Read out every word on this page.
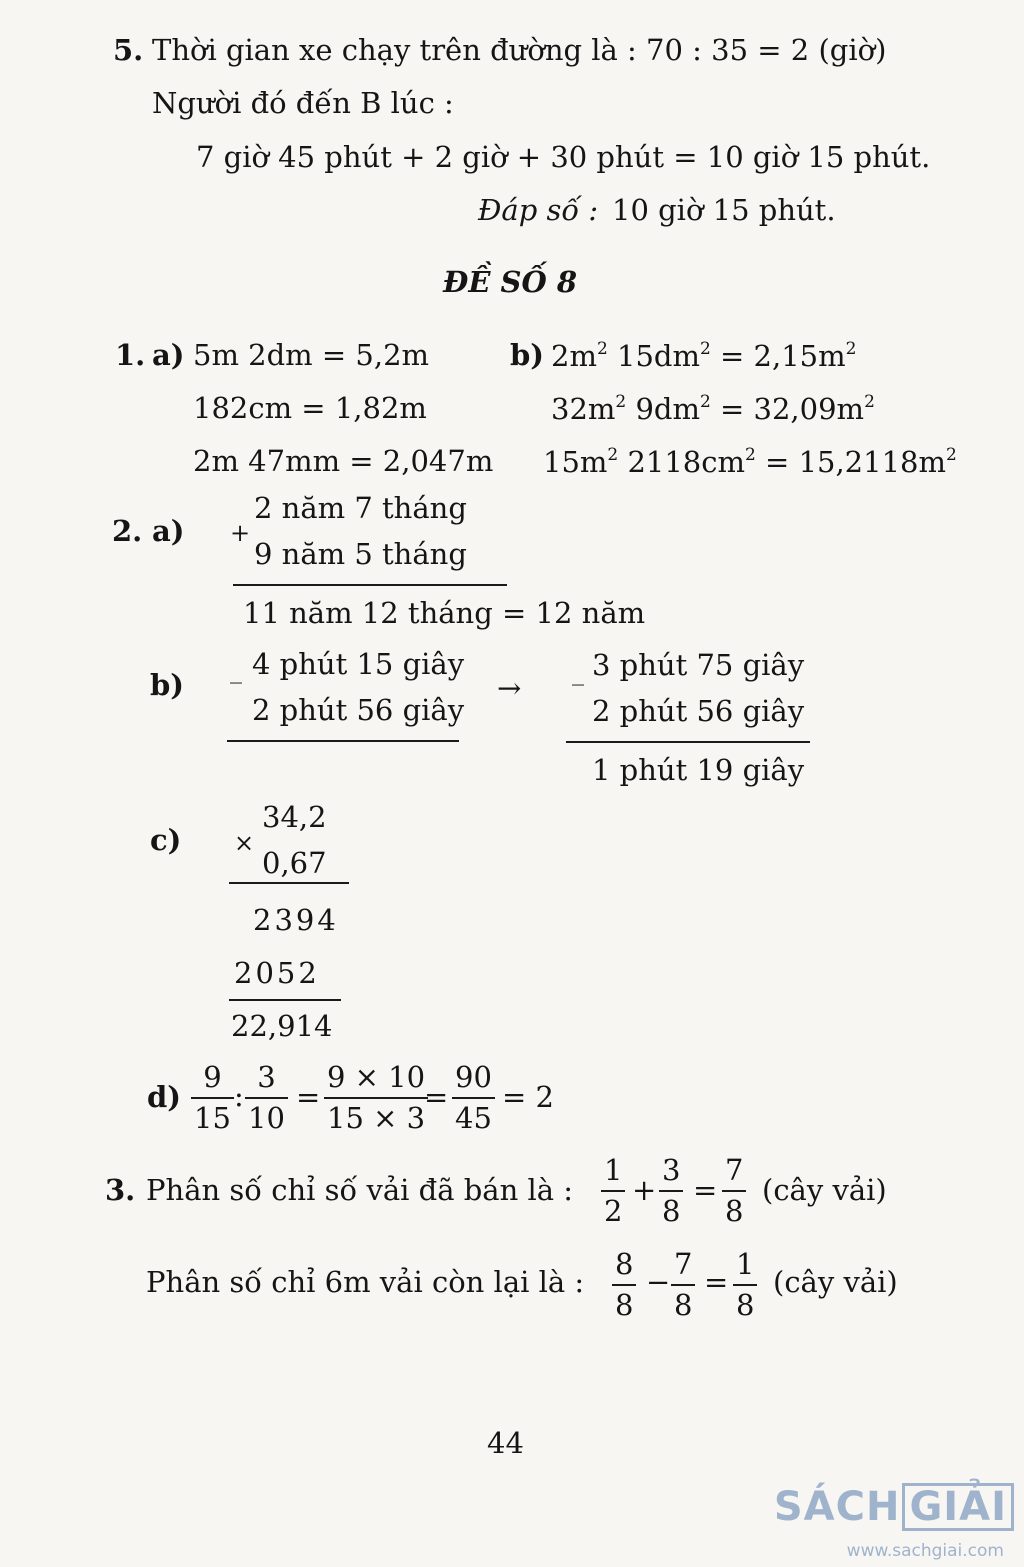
5. Thời gian xe chạy trên đường là : 70 : 35 = 2 (giờ)
Người đó đến B lúc :
7 giờ 45 phút + 2 giờ + 30 phút = 10 giờ 15 phút.
Đáp số : 10 giờ 15 phút.
ĐỀ SỐ 8
1. a) 5m 2dm = 5,2m
182cm = 1,82m
2m 47mm = 2,047m
b) $2m^2$ $15dm^2 = 2,15m^2$
$32m^2$ $9dm^2 = 32,09m^2$
$15m^2$ $2118cm^2 = 15,2118m^2$
2. a) +
2 năm 7 tháng
9 năm 5 tháng
11 năm 12 tháng = 12 năm
b) _ 4 phút 15 giây
2 phút 56 giây
→ _ 3 phút 75 giây
2 phút 56 giây
1 phút 19 giây
c) ×
34,2
0,67
2394
2052
22,914
d)
9
15
:
3
10
=
9 × 10
15 × 3
=
90
45
= 2
3. Phân số chỉ số vải đã bán là :
1
2
+
3
8
=
7
8
(cây vải)
Phân số chỉ 6m vải còn lại là :
8
8
−
7
8
=
1
8
(cây vải)
44
SÁCH GIẢI
www.sachgiai.com
